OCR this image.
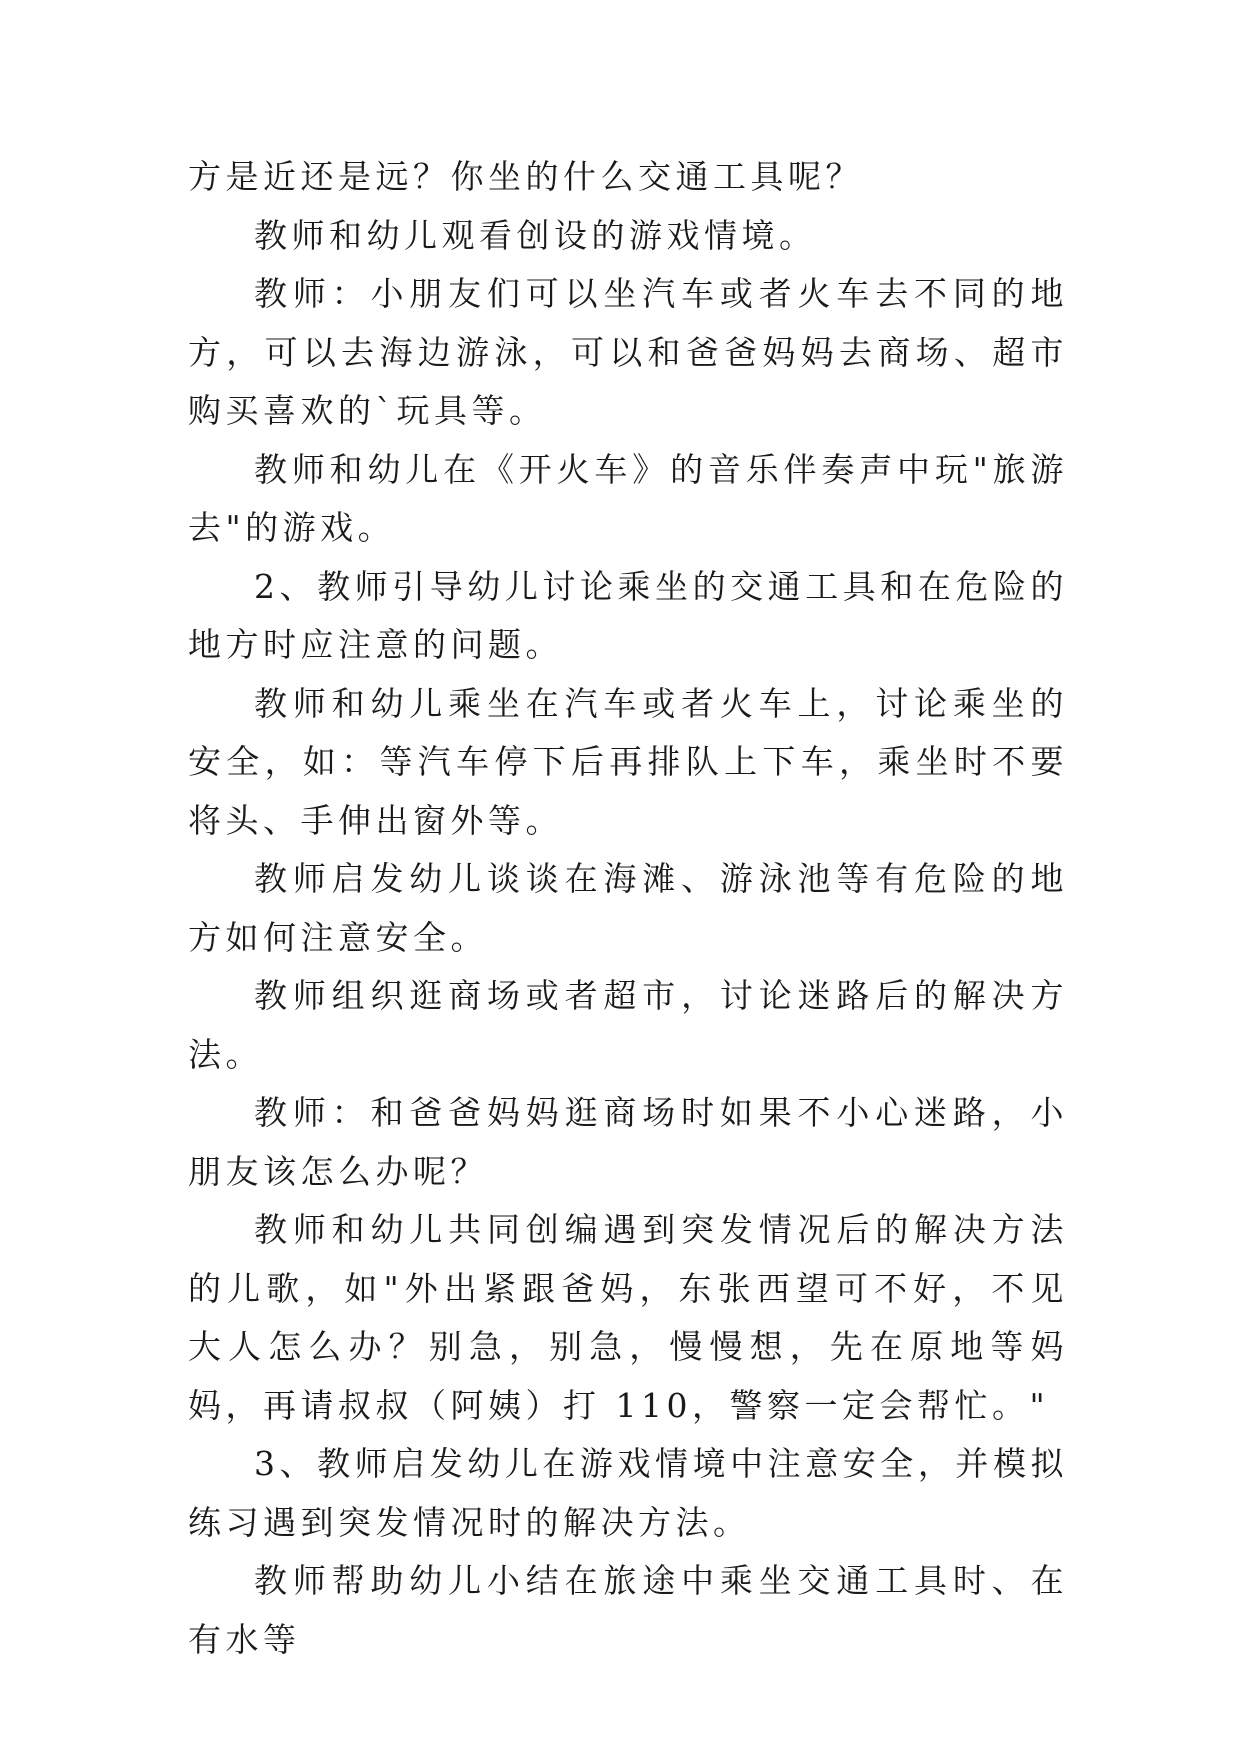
方是近还是远？你坐的什么交通工具呢？

教师和幼儿观看创设的游戏情境。

教师：小朋友们可以坐汽车或者火车去不同的地方，可以去海边游泳，可以和爸爸妈妈去商场、超市购买喜欢的`玩具等。

教师和幼儿在《开火车》的音乐伴奏声中玩"旅游去"的游戏。

2、教师引导幼儿讨论乘坐的交通工具和在危险的地方时应注意的问题。

教师和幼儿乘坐在汽车或者火车上，讨论乘坐的安全，如：等汽车停下后再排队上下车，乘坐时不要将头、手伸出窗外等。

教师启发幼儿谈谈在海滩、游泳池等有危险的地方如何注意安全。

教师组织逛商场或者超市，讨论迷路后的解决方法。

教师：和爸爸妈妈逛商场时如果不小心迷路，小朋友该怎么办呢？

教师和幼儿共同创编遇到突发情况后的解决方法的儿歌，如"外出紧跟爸妈，东张西望可不好，不见大人怎么办？别急，别急，慢慢想，先在原地等妈妈，再请叔叔（阿姨）打 110，警察一定会帮忙。"

3、教师启发幼儿在游戏情境中注意安全，并模拟练习遇到突发情况时的解决方法。

教师帮助幼儿小结在旅途中乘坐交通工具时、在有水等
